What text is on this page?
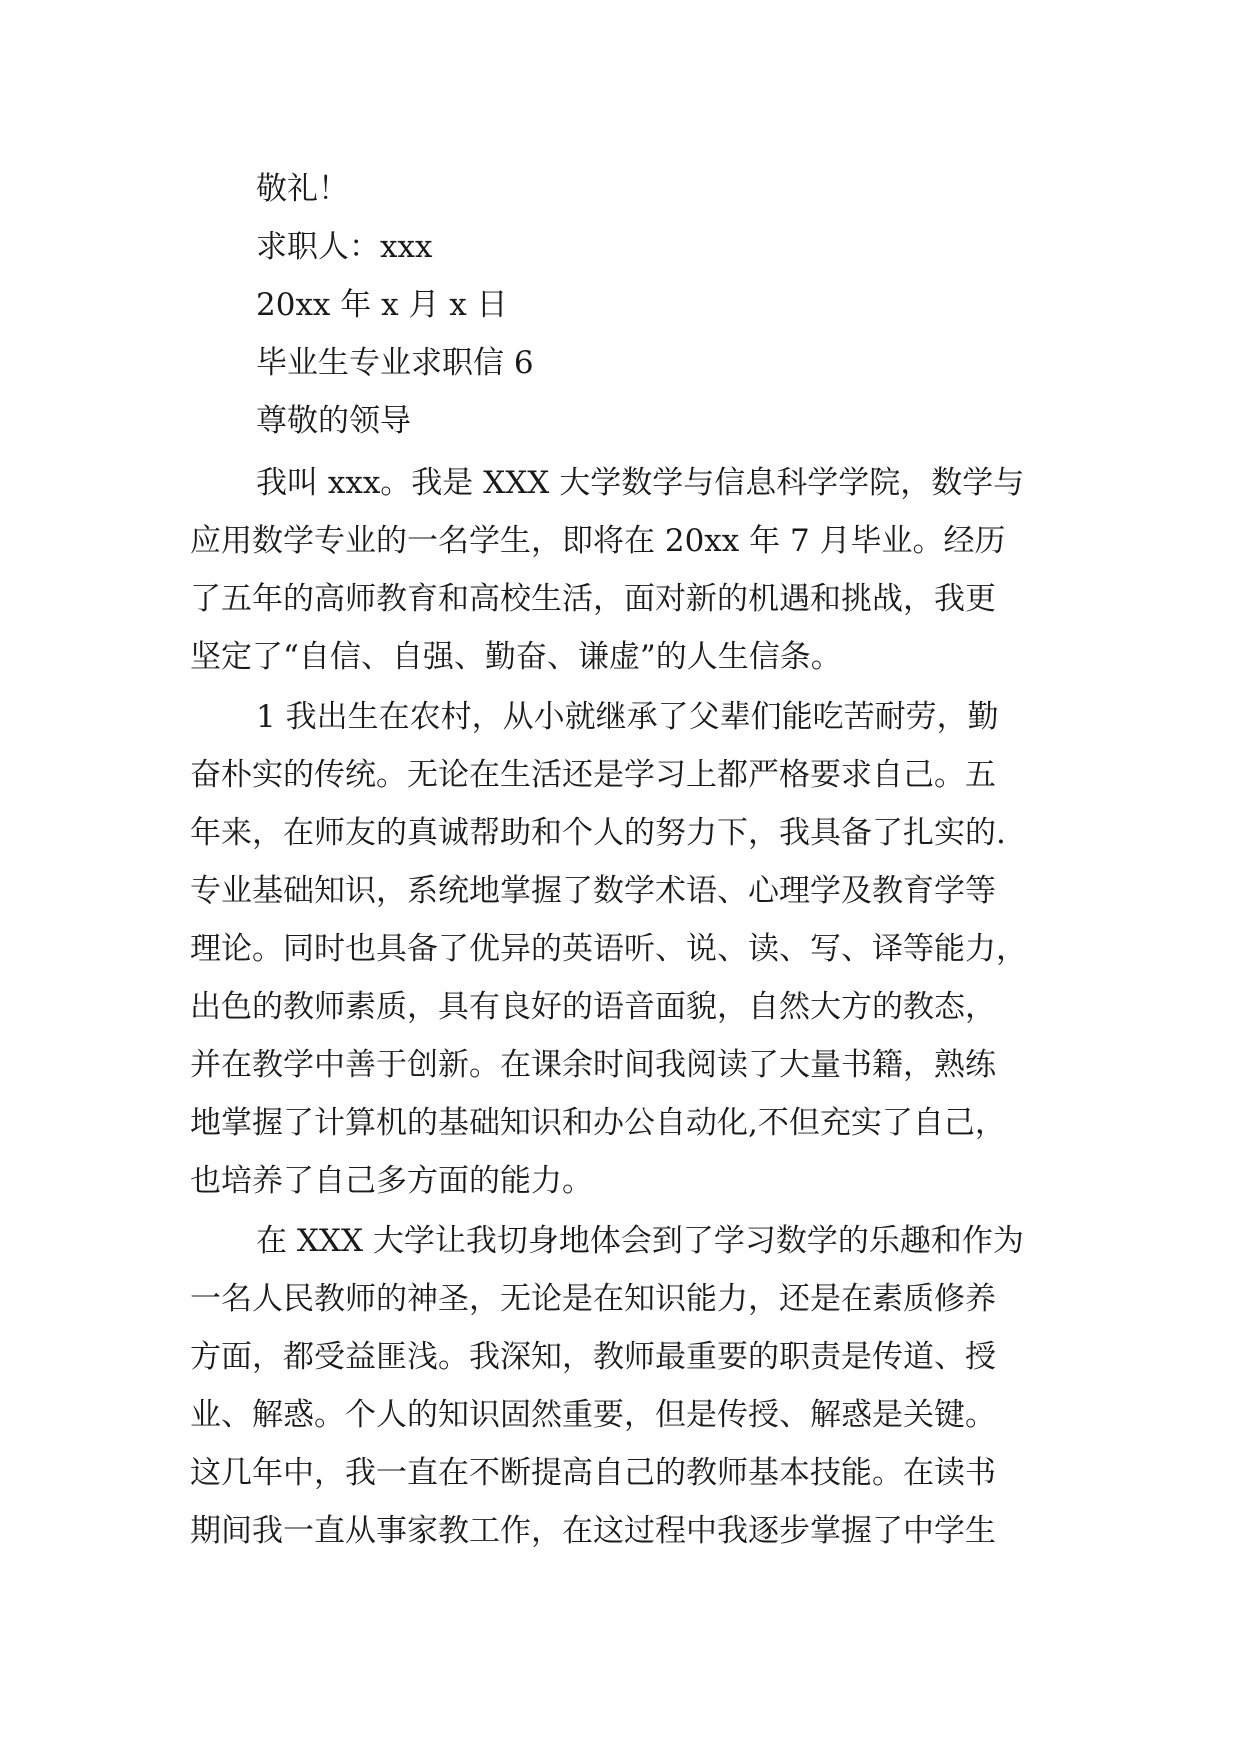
敬礼！

求职人：xxx

20xx 年 x 月 x 日

毕业生专业求职信 6

尊敬的领导

我叫 xxx。我是 XXX 大学数学与信息科学学院，数学与
应用数学专业的一名学生，即将在 20xx 年 7 月毕业。经历
了五年的高师教育和高校生活，面对新的机遇和挑战，我更
坚定了“自信、自强、勤奋、谦虚”的人生信条。
1 我出生在农村，从小就继承了父辈们能吃苦耐劳，勤
奋朴实的传统。无论在生活还是学习上都严格要求自己。五
年来，在师友的真诚帮助和个人的努力下，我具备了扎实的.
专业基础知识，系统地掌握了数学术语、心理学及教育学等
理论。同时也具备了优异的英语听、说、读、写、译等能力，
出色的教师素质，具有良好的语音面貌，自然大方的教态，
并在教学中善于创新。在课余时间我阅读了大量书籍，熟练
地掌握了计算机的基础知识和办公自动化,不但充实了自己，
也培养了自己多方面的能力。
在 XXX 大学让我切身地体会到了学习数学的乐趣和作为
一名人民教师的神圣，无论是在知识能力，还是在素质修养
方面，都受益匪浅。我深知，教师最重要的职责是传道、授
业、解惑。个人的知识固然重要，但是传授、解惑是关键。
这几年中，我一直在不断提高自己的教师基本技能。在读书
期间我一直从事家教工作，在这过程中我逐步掌握了中学生
